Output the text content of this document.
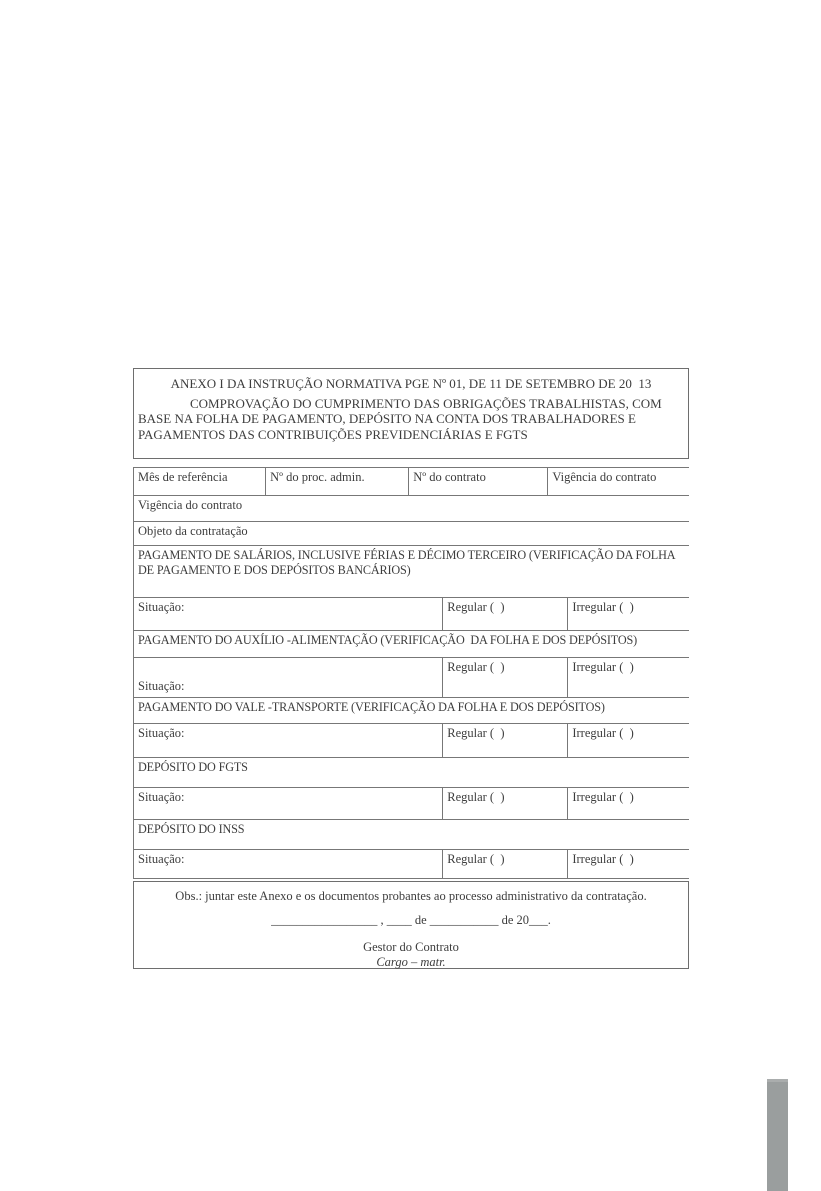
ANEXO I DA INSTRUÇÃO NORMATIVA PGE Nº 01, DE 11 DE SETEMBRO DE 20  13
COMPROVAÇÃO DO CUMPRIMENTO DAS OBRIGAÇÕES TRABALHISTAS, COM BASE NA FOLHA DE PAGAMENTO, DEPÓSITO NA CONTA DOS TRABALHADORES E PAGAMENTOS DAS CONTRIBUIÇÕES PREVIDENCIÁRIAS E FGTS
Mês de referência	Nº do proc. admin.	Nº do contrato		Vigência do contrato	
Vigência do contrato					
Objeto da contratação					
PAGAMENTO DE SALÁRIOS, INCLUSIVE FÉRIAS E DÉCIMO TERCEIRO (VERIFICAÇÃO DA FOLHA DE PAGAMENTO E DOS DEPÓSITOS BANCÁRIOS)					
Situação:			Regular (  )		Irregular (  )
PAGAMENTO DO AUXÍLIO -ALIMENTAÇÃO (VERIFICAÇÃO  DA FOLHA E DOS DEPÓSITOS)					
Situação:			Regular (  )		Irregular (  )
PAGAMENTO DO VALE -TRANSPORTE (VERIFICAÇÃO DA FOLHA E DOS DEPÓSITOS)					
Situação:			Regular (  )		Irregular (  )
DEPÓSITO DO FGTS					
Situação:			Regular (  )		Irregular (  )
DEPÓSITO DO INSS					
Situação:			Regular (  )		Irregular (  )
Obs.: juntar este Anexo e os documentos probantes ao processo administrativo da contratação.
_________________ , ____ de ___________ de 20___.
Gestor do Contrato
Cargo – matr.
